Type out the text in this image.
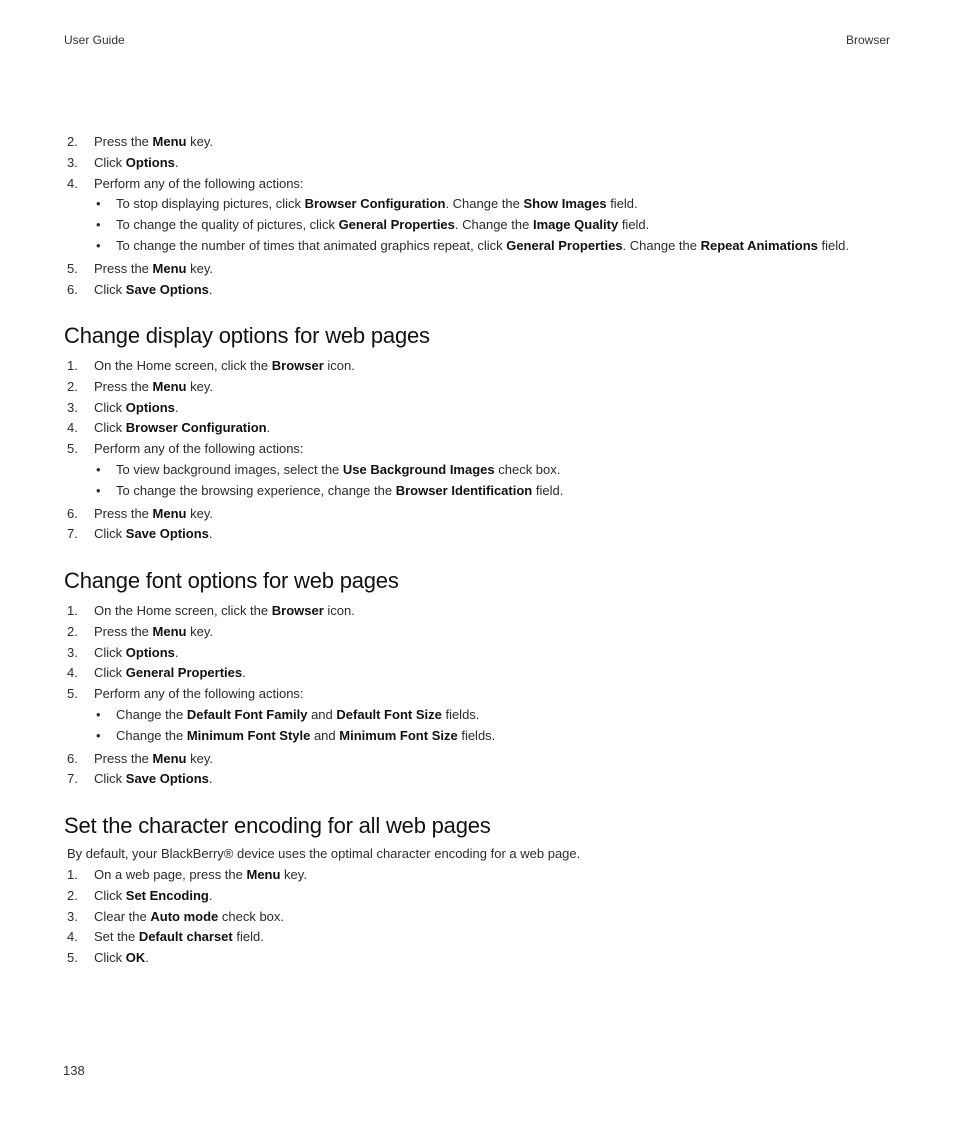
User Guide	Browser
2. Press the Menu key.
3. Click Options.
4. Perform any of the following actions:
• To stop displaying pictures, click Browser Configuration. Change the Show Images field.
• To change the quality of pictures, click General Properties. Change the Image Quality field.
• To change the number of times that animated graphics repeat, click General Properties. Change the Repeat Animations field.
5. Press the Menu key.
6. Click Save Options.
Change display options for web pages
1. On the Home screen, click the Browser icon.
2. Press the Menu key.
3. Click Options.
4. Click Browser Configuration.
5. Perform any of the following actions:
• To view background images, select the Use Background Images check box.
• To change the browsing experience, change the Browser Identification field.
6. Press the Menu key.
7. Click Save Options.
Change font options for web pages
1. On the Home screen, click the Browser icon.
2. Press the Menu key.
3. Click Options.
4. Click General Properties.
5. Perform any of the following actions:
• Change the Default Font Family and Default Font Size fields.
• Change the Minimum Font Style and Minimum Font Size fields.
6. Press the Menu key.
7. Click Save Options.
Set the character encoding for all web pages
By default, your BlackBerry® device uses the optimal character encoding for a web page.
1. On a web page, press the Menu key.
2. Click Set Encoding.
3. Clear the Auto mode check box.
4. Set the Default charset field.
5. Click OK.
138
